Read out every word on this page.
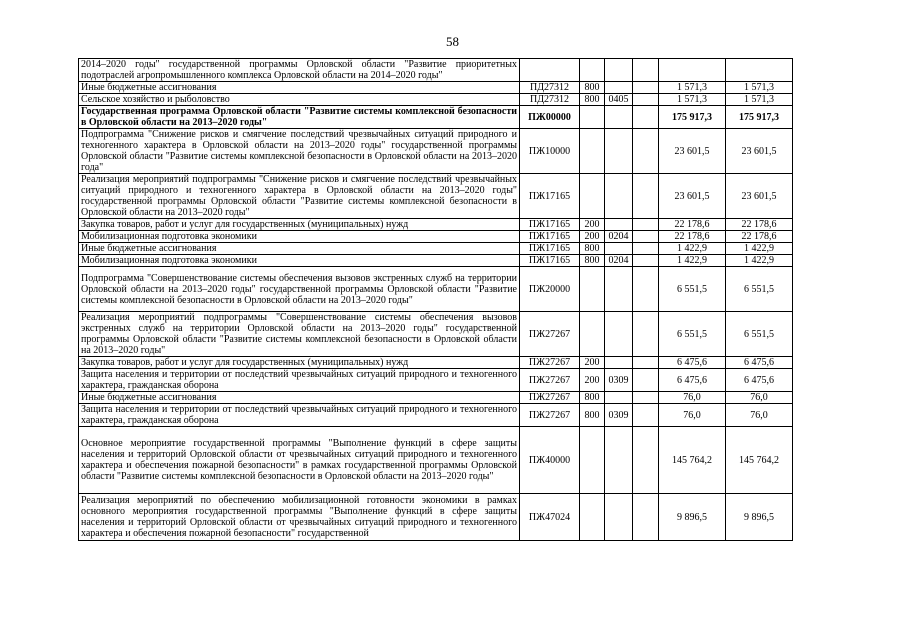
58
2014–2020 годы" государственной программы Орловской области "Развитие приоритетных подотраслей агропромышленного комплекса Орловской области на 2014–2020 годы"						
Иные бюджетные ассигнования	ПД27312	800			1 571,3	1 571,3
Сельское хозяйство и рыболовство	ПД27312	800	0405		1 571,3	1 571,3
Государственная программа Орловской области "Развитие системы комплексной безопасности в Орловской области на 2013–2020 годы"	ПЖ00000				175 917,3	175 917,3
Подпрограмма "Снижение рисков и смягчение последствий чрезвычайных ситуаций природного и техногенного характера в Орловской области на 2013–2020 годы" государственной программы Орловской области "Развитие системы комплексной безопасности в Орловской области на 2013–2020 года"	ПЖ10000				23 601,5	23 601,5
Реализация мероприятий подпрограммы "Снижение рисков и смягчение последствий чрезвычайных ситуаций природного и техногенного характера в Орловской области на 2013–2020 годы" государственной программы Орловской области "Развитие системы комплексной безопасности в Орловской области на 2013–2020 годы"	ПЖ17165				23 601,5	23 601,5
Закупка товаров, работ и услуг для государственных (муниципальных) нужд	ПЖ17165	200			22 178,6	22 178,6
Мобилизационная подготовка экономики	ПЖ17165	200	0204		22 178,6	22 178,6
Иные бюджетные ассигнования	ПЖ17165	800			1 422,9	1 422,9
Мобилизационная подготовка экономики	ПЖ17165	800	0204		1 422,9	1 422,9
Подпрограмма "Совершенствование системы обеспечения вызовов экстренных служб на территории Орловской области на 2013–2020 годы" государственной программы Орловской области "Развитие системы комплексной безопасности в Орловской области на 2013–2020 годы"	ПЖ20000				6 551,5	6 551,5
Реализация мероприятий подпрограммы "Совершенствование системы обеспечения вызовов экстренных служб на территории Орловской области на 2013–2020 годы" государственной программы Орловской области "Развитие системы комплексной безопасности в Орловской области на 2013–2020 годы"	ПЖ27267				6 551,5	6 551,5
Закупка товаров, работ и услуг для государственных (муниципальных) нужд	ПЖ27267	200			6 475,6	6 475,6
Защита населения и территории от последствий чрезвычайных ситуаций природного и техногенного характера, гражданская оборона	ПЖ27267	200	0309		6 475,6	6 475,6
Иные бюджетные ассигнования	ПЖ27267	800			76,0	76,0
Защита населения и территории от последствий чрезвычайных ситуаций природного и техногенного характера, гражданская оборона	ПЖ27267	800	0309		76,0	76,0
Основное мероприятие государственной программы "Выполнение функций в сфере защиты населения и территорий Орловской области от чрезвычайных ситуаций природного и техногенного характера и обеспечения пожарной безопасности" в рамках государственной программы Орловской области "Развитие системы комплексной безопасности в Орловской области на 2013–2020 годы"	ПЖ40000				145 764,2	145 764,2
Реализация мероприятий по обеспечению мобилизационной готовности экономики в рамках основного мероприятия государственной программы "Выполнение функций в сфере защиты населения и территорий Орловской области от чрезвычайных ситуаций природного и техногенного характера и обеспечения пожарной безопасности" государственной	ПЖ47024				9 896,5	9 896,5
